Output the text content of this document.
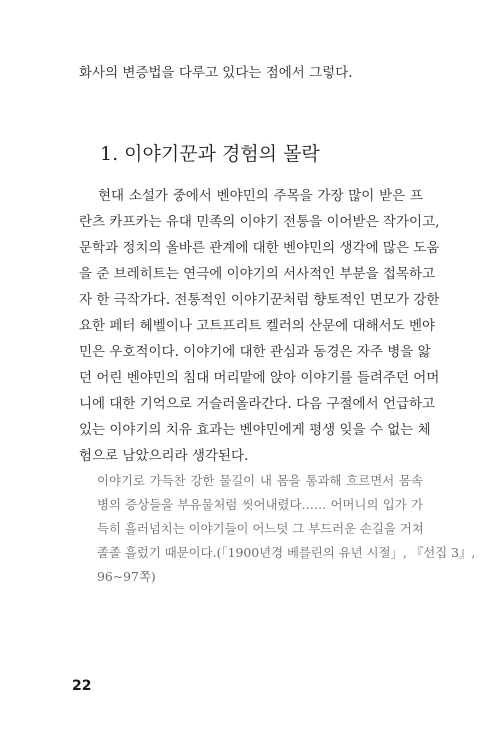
화사의 변증법을 다루고 있다는 점에서 그렇다.
1. 이야기꾼과 경험의 몰락
현대 소설가 중에서 벤야민의 주목을 가장 많이 받은 프
란츠 카프카는 유대 민족의 이야기 전통을 이어받은 작가이고,
문학과 정치의 올바른 관계에 대한 벤야민의 생각에 많은 도움
을 준 브레히트는 연극에 이야기의 서사적인 부분을 접목하고
자 한 극작가다. 전통적인 이야기꾼처럼 향토적인 면모가 강한
요한 페터 헤벨이나 고트프리트 켈러의 산문에 대해서도 벤야
민은 우호적이다. 이야기에 대한 관심과 동경은 자주 병을 앓
던 어린 벤야민의 침대 머리맡에 앉아 이야기를 들려주던 어머
니에 대한 기억으로 거슬러올라간다. 다음 구절에서 언급하고
있는 이야기의 치유 효과는 벤야민에게 평생 잊을 수 없는 체
험으로 남았으리라 생각된다.
이야기로 가득찬 강한 물길이 내 몸을 통과해 흐르면서 몸속
병의 증상들을 부유물처럼 씻어내렸다…… 어머니의 입가 가
득히 흘러넘치는 이야기들이 어느덧 그 부드러운 손길을 거쳐
졸졸 흘렀기 때문이다.(「1900년경 베를린의 유년 시절」, 『선집 3』,
96~97쪽)
22
